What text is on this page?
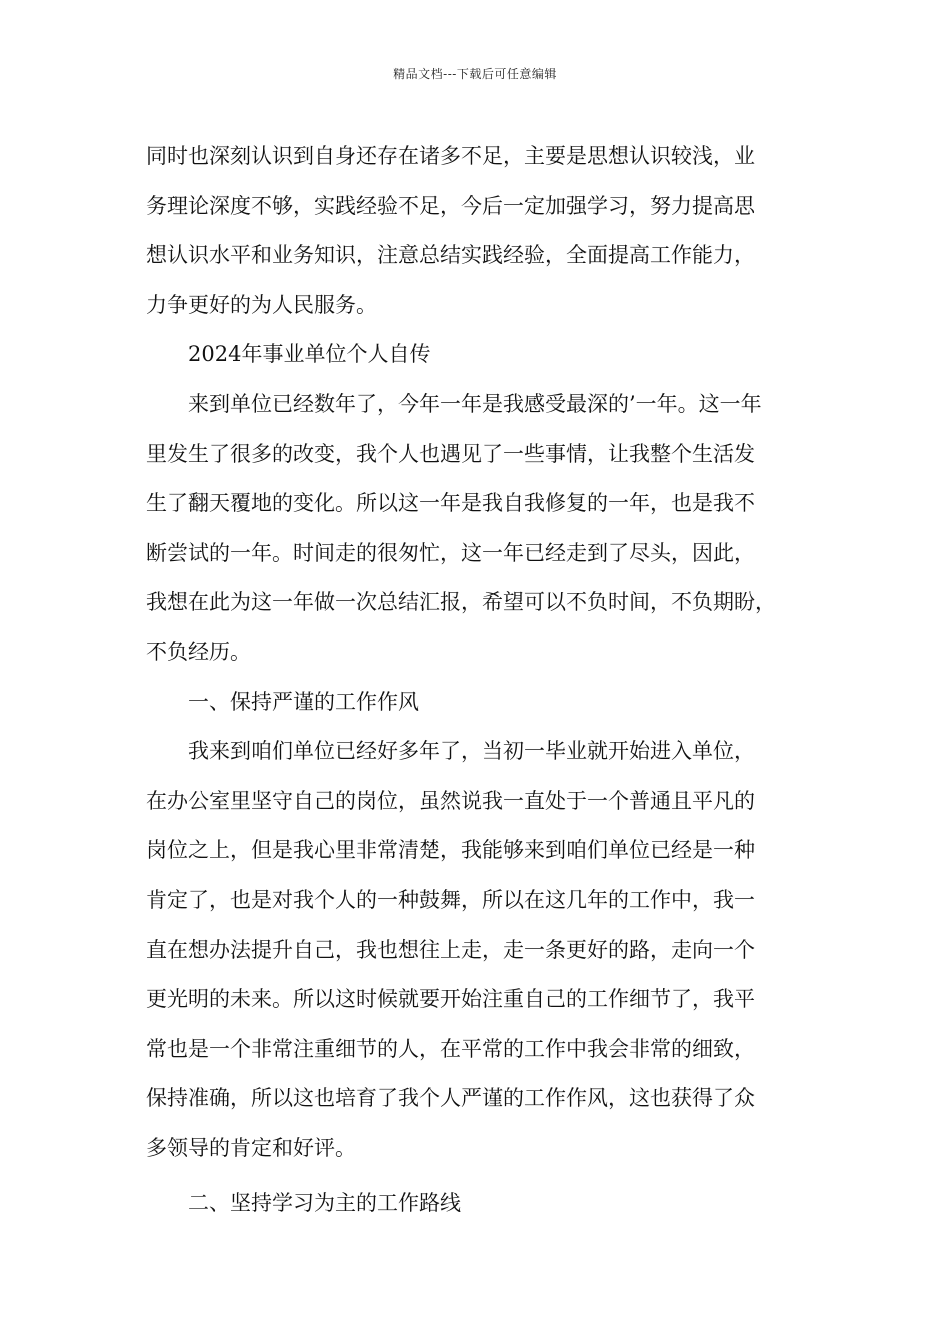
精品文档---下载后可任意编辑
同时也深刻认识到自身还存在诸多不足，主要是思想认识较浅，业
务理论深度不够，实践经验不足，今后一定加强学习，努力提高思
想认识水平和业务知识，注意总结实践经验，全面提高工作能力，
力争更好的为人民服务。
2024年事业单位个人自传
来到单位已经数年了，今年一年是我感受最深的’一年。这一年
里发生了很多的改变，我个人也遇见了一些事情，让我整个生活发
生了翻天覆地的变化。所以这一年是我自我修复的一年，也是我不
断尝试的一年。时间走的很匆忙，这一年已经走到了尽头，因此，
我想在此为这一年做一次总结汇报，希望可以不负时间，不负期盼，
不负经历。
一、保持严谨的工作作风
我来到咱们单位已经好多年了，当初一毕业就开始进入单位，
在办公室里坚守自己的岗位，虽然说我一直处于一个普通且平凡的
岗位之上，但是我心里非常清楚，我能够来到咱们单位已经是一种
肯定了，也是对我个人的一种鼓舞，所以在这几年的工作中，我一
直在想办法提升自己，我也想往上走，走一条更好的路，走向一个
更光明的未来。所以这时候就要开始注重自己的工作细节了，我平
常也是一个非常注重细节的人，在平常的工作中我会非常的细致，
保持准确，所以这也培育了我个人严谨的工作作风，这也获得了众
多领导的肯定和好评。
二、坚持学习为主的工作路线
